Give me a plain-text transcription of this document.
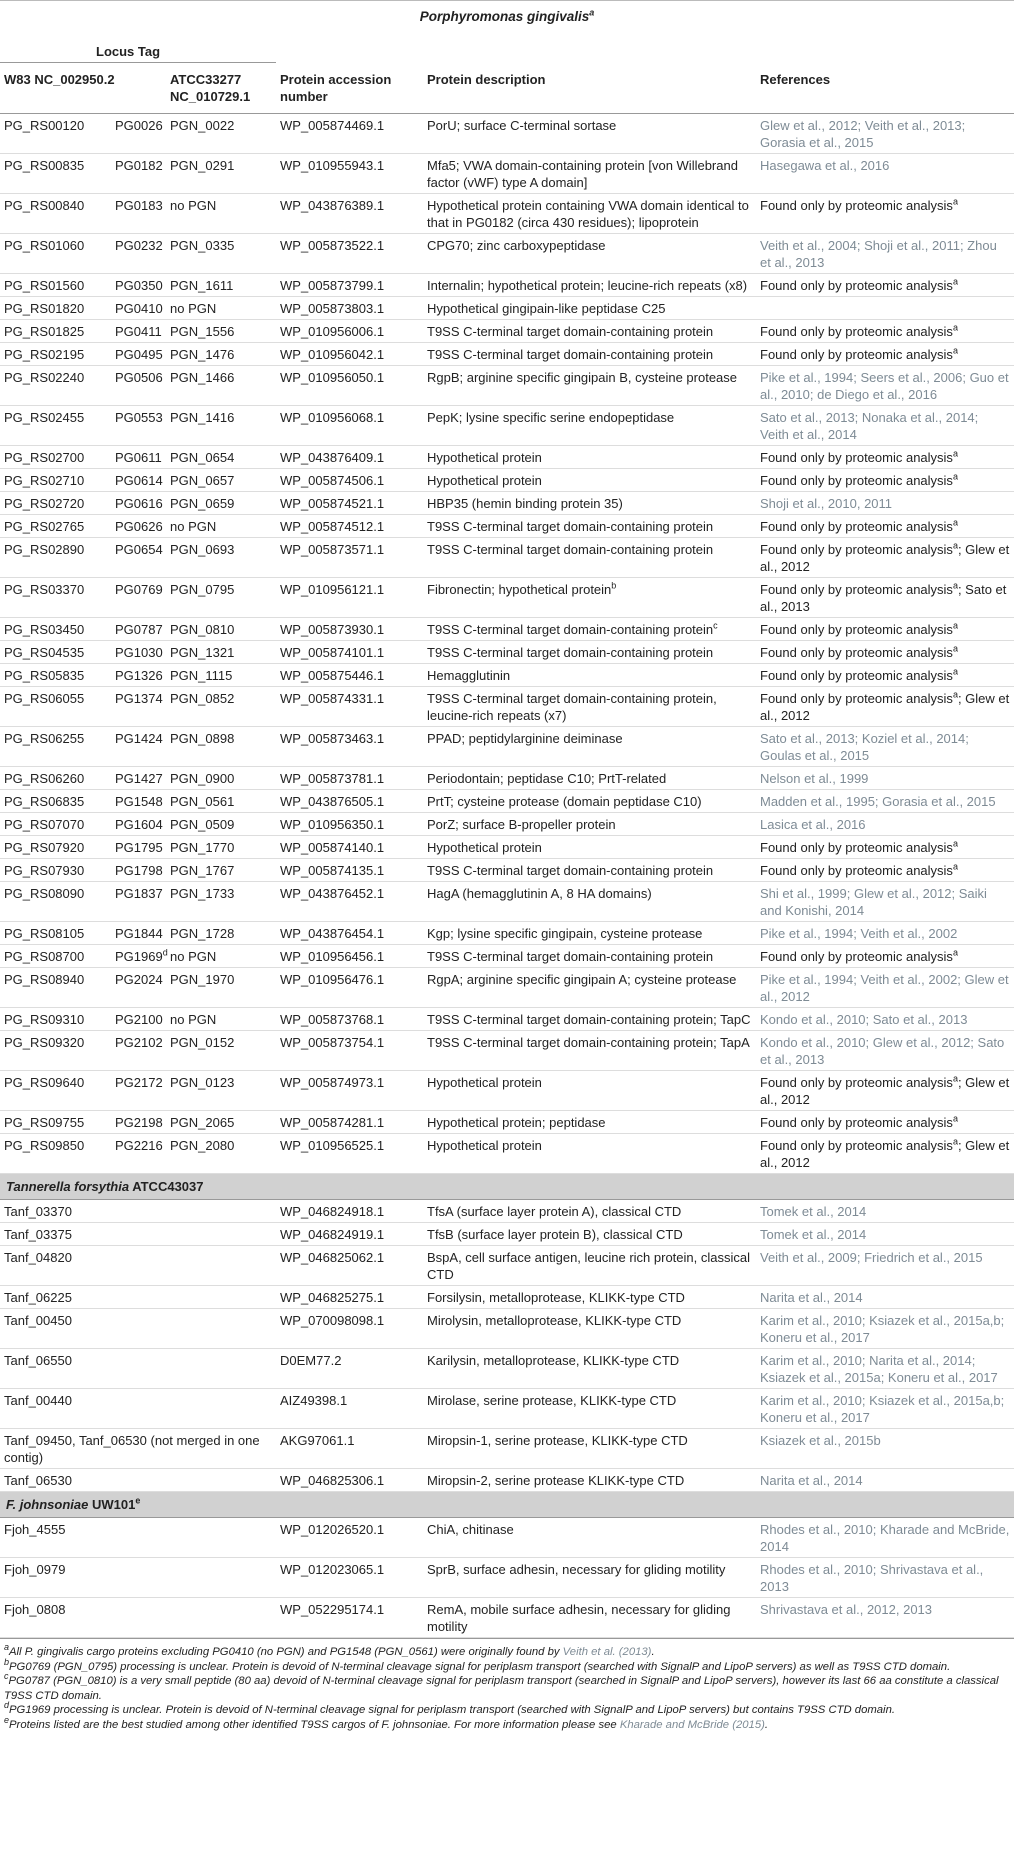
Porphyromonas gingivalis$^a$
Locus Tag					
W83 NC_002950.2		ATCC33277 NC_010729.1	Protein accession number	Protein description	References
PG_RS00120	PG0026	PGN_0022	WP_005874469.1	PorU; surface C-terminal sortase	Glew et al., 2012; Veith et al., 2013; Gorasia et al., 2015
PG_RS00835	PG0182	PGN_0291	WP_010955943.1	Mfa5; VWA domain-containing protein [von Willebrand factor (vWF) type A domain]	Hasegawa et al., 2016
PG_RS00840	PG0183	no PGN	WP_043876389.1	Hypothetical protein containing VWA domain identical to that in PG0182 (circa 430 residues); lipoprotein	Found only by proteomic analysis$^a$
PG_RS01060	PG0232	PGN_0335	WP_005873522.1	CPG70; zinc carboxypeptidase	Veith et al., 2004; Shoji et al., 2011; Zhou et al., 2013
PG_RS01560	PG0350	PGN_1611	WP_005873799.1	Internalin; hypothetical protein; leucine-rich repeats (x8)	Found only by proteomic analysis$^a$
PG_RS01820	PG0410	no PGN	WP_005873803.1	Hypothetical gingipain-like peptidase C25	
PG_RS01825	PG0411	PGN_1556	WP_010956006.1	T9SS C-terminal target domain-containing protein	Found only by proteomic analysis$^a$
PG_RS02195	PG0495	PGN_1476	WP_010956042.1	T9SS C-terminal target domain-containing protein	Found only by proteomic analysis$^a$
PG_RS02240	PG0506	PGN_1466	WP_010956050.1	RgpB; arginine specific gingipain B, cysteine protease	Pike et al., 1994; Seers et al., 2006; Guo et al., 2010; de Diego et al., 2016
PG_RS02455	PG0553	PGN_1416	WP_010956068.1	PepK; lysine specific serine endopeptidase	Sato et al., 2013; Nonaka et al., 2014; Veith et al., 2014
PG_RS02700	PG0611	PGN_0654	WP_043876409.1	Hypothetical protein	Found only by proteomic analysis$^a$
PG_RS02710	PG0614	PGN_0657	WP_005874506.1	Hypothetical protein	Found only by proteomic analysis$^a$
PG_RS02720	PG0616	PGN_0659	WP_005874521.1	HBP35 (hemin binding protein 35)	Shoji et al., 2010, 2011
PG_RS02765	PG0626	no PGN	WP_005874512.1	T9SS C-terminal target domain-containing protein	Found only by proteomic analysis$^a$
PG_RS02890	PG0654	PGN_0693	WP_005873571.1	T9SS C-terminal target domain-containing protein	Found only by proteomic analysis$^a$; Glew et al., 2012
PG_RS03370	PG0769	PGN_0795	WP_010956121.1	Fibronectin; hypothetical protein$^b$	Found only by proteomic analysis$^a$; Sato et al., 2013
PG_RS03450	PG0787	PGN_0810	WP_005873930.1	T9SS C-terminal target domain-containing protein$^c$	Found only by proteomic analysis$^a$
PG_RS04535	PG1030	PGN_1321	WP_005874101.1	T9SS C-terminal target domain-containing protein	Found only by proteomic analysis$^a$
PG_RS05835	PG1326	PGN_1115	WP_005875446.1	Hemagglutinin	Found only by proteomic analysis$^a$
PG_RS06055	PG1374	PGN_0852	WP_005874331.1	T9SS C-terminal target domain-containing protein, leucine-rich repeats (x7)	Found only by proteomic analysis$^a$; Glew et al., 2012
PG_RS06255	PG1424	PGN_0898	WP_005873463.1	PPAD; peptidylarginine deiminase	Sato et al., 2013; Koziel et al., 2014; Goulas et al., 2015
PG_RS06260	PG1427	PGN_0900	WP_005873781.1	Periodontain; peptidase C10; PrtT-related	Nelson et al., 1999
PG_RS06835	PG1548	PGN_0561	WP_043876505.1	PrtT; cysteine protease (domain peptidase C10)	Madden et al., 1995; Gorasia et al., 2015
PG_RS07070	PG1604	PGN_0509	WP_010956350.1	PorZ; surface B-propeller protein	Lasica et al., 2016
PG_RS07920	PG1795	PGN_1770	WP_005874140.1	Hypothetical protein	Found only by proteomic analysis$^a$
PG_RS07930	PG1798	PGN_1767	WP_005874135.1	T9SS C-terminal target domain-containing protein	Found only by proteomic analysis$^a$
PG_RS08090	PG1837	PGN_1733	WP_043876452.1	HagA (hemagglutinin A, 8 HA domains)	Shi et al., 1999; Glew et al., 2012; Saiki and Konishi, 2014
PG_RS08105	PG1844	PGN_1728	WP_043876454.1	Kgp; lysine specific gingipain, cysteine protease	Pike et al., 1994; Veith et al., 2002
PG_RS08700	PG1969$^d$	no PGN	WP_010956456.1	T9SS C-terminal target domain-containing protein	Found only by proteomic analysis$^a$
PG_RS08940	PG2024	PGN_1970	WP_010956476.1	RgpA; arginine specific gingipain A; cysteine protease	Pike et al., 1994; Veith et al., 2002; Glew et al., 2012
PG_RS09310	PG2100	no PGN	WP_005873768.1	T9SS C-terminal target domain-containing protein; TapC	Kondo et al., 2010; Sato et al., 2013
PG_RS09320	PG2102	PGN_0152	WP_005873754.1	T9SS C-terminal target domain-containing protein; TapA	Kondo et al., 2010; Glew et al., 2012; Sato et al., 2013
PG_RS09640	PG2172	PGN_0123	WP_005874973.1	Hypothetical protein	Found only by proteomic analysis$^a$; Glew et al., 2012
PG_RS09755	PG2198	PGN_2065	WP_005874281.1	Hypothetical protein; peptidase	Found only by proteomic analysis$^a$
PG_RS09850	PG2216	PGN_2080	WP_010956525.1	Hypothetical protein	Found only by proteomic analysis$^a$; Glew et al., 2012
Tannerella forsythia ATCC43037					
Tanf_03370			WP_046824918.1	TfsA (surface layer protein A), classical CTD	Tomek et al., 2014
Tanf_03375			WP_046824919.1	TfsB (surface layer protein B), classical CTD	Tomek et al., 2014
Tanf_04820			WP_046825062.1	BspA, cell surface antigen, leucine rich protein, classical CTD	Veith et al., 2009; Friedrich et al., 2015
Tanf_06225			WP_046825275.1	Forsilysin, metalloprotease, KLIKK-type CTD	Narita et al., 2014
Tanf_00450			WP_070098098.1	Mirolysin, metalloprotease, KLIKK-type CTD	Karim et al., 2010; Ksiazek et al., 2015a,b; Koneru et al., 2017
Tanf_06550			D0EM77.2	Karilysin, metalloprotease, KLIKK-type CTD	Karim et al., 2010; Narita et al., 2014; Ksiazek et al., 2015a; Koneru et al., 2017
Tanf_00440			AIZ49398.1	Mirolase, serine protease, KLIKK-type CTD	Karim et al., 2010; Ksiazek et al., 2015a,b; Koneru et al., 2017
Tanf_09450, Tanf_06530 (not merged in one contig)			AKG97061.1	Miropsin-1, serine protease, KLIKK-type CTD	Ksiazek et al., 2015b
Tanf_06530			WP_046825306.1	Miropsin-2, serine protease KLIKK-type CTD	Narita et al., 2014
F. johnsoniae UW101e
Fjoh_4555			WP_012026520.1	ChiA, chitinase	Rhodes et al., 2010; Kharade and McBride, 2014
Fjoh_0979			WP_012023065.1	SprB, surface adhesin, necessary for gliding motility	Rhodes et al., 2010; Shrivastava et al., 2013
Fjoh_0808			WP_052295174.1	RemA, mobile surface adhesin, necessary for gliding motility	Shrivastava et al., 2012, 2013

$^a$All P. gingivalis cargo proteins excluding PG0410 (no PGN) and PG1548 (PGN_0561) were originally found by Veith et al. (2013).

$^b$PG0769 (PGN_0795) processing is unclear. Protein is devoid of N-terminal cleavage signal for periplasm transport (searched with SignalP and LipoP servers) as well as T9SS CTD domain.

$^c$PG0787 (PGN_0810) is a very small peptide (80 aa) devoid of N-terminal cleavage signal for periplasm transport (searched in SignalP and LipoP servers), however its last 66 aa constitute a classical T9SS CTD domain.

$^d$PG1969 processing is unclear. Protein is devoid of N-terminal cleavage signal for periplasm transport (searched with SignalP and LipoP servers) but contains T9SS CTD domain.

$^e$Proteins listed are the best studied among other identified T9SS cargos of F. johnsoniae. For more information please see Kharade and McBride (2015).
